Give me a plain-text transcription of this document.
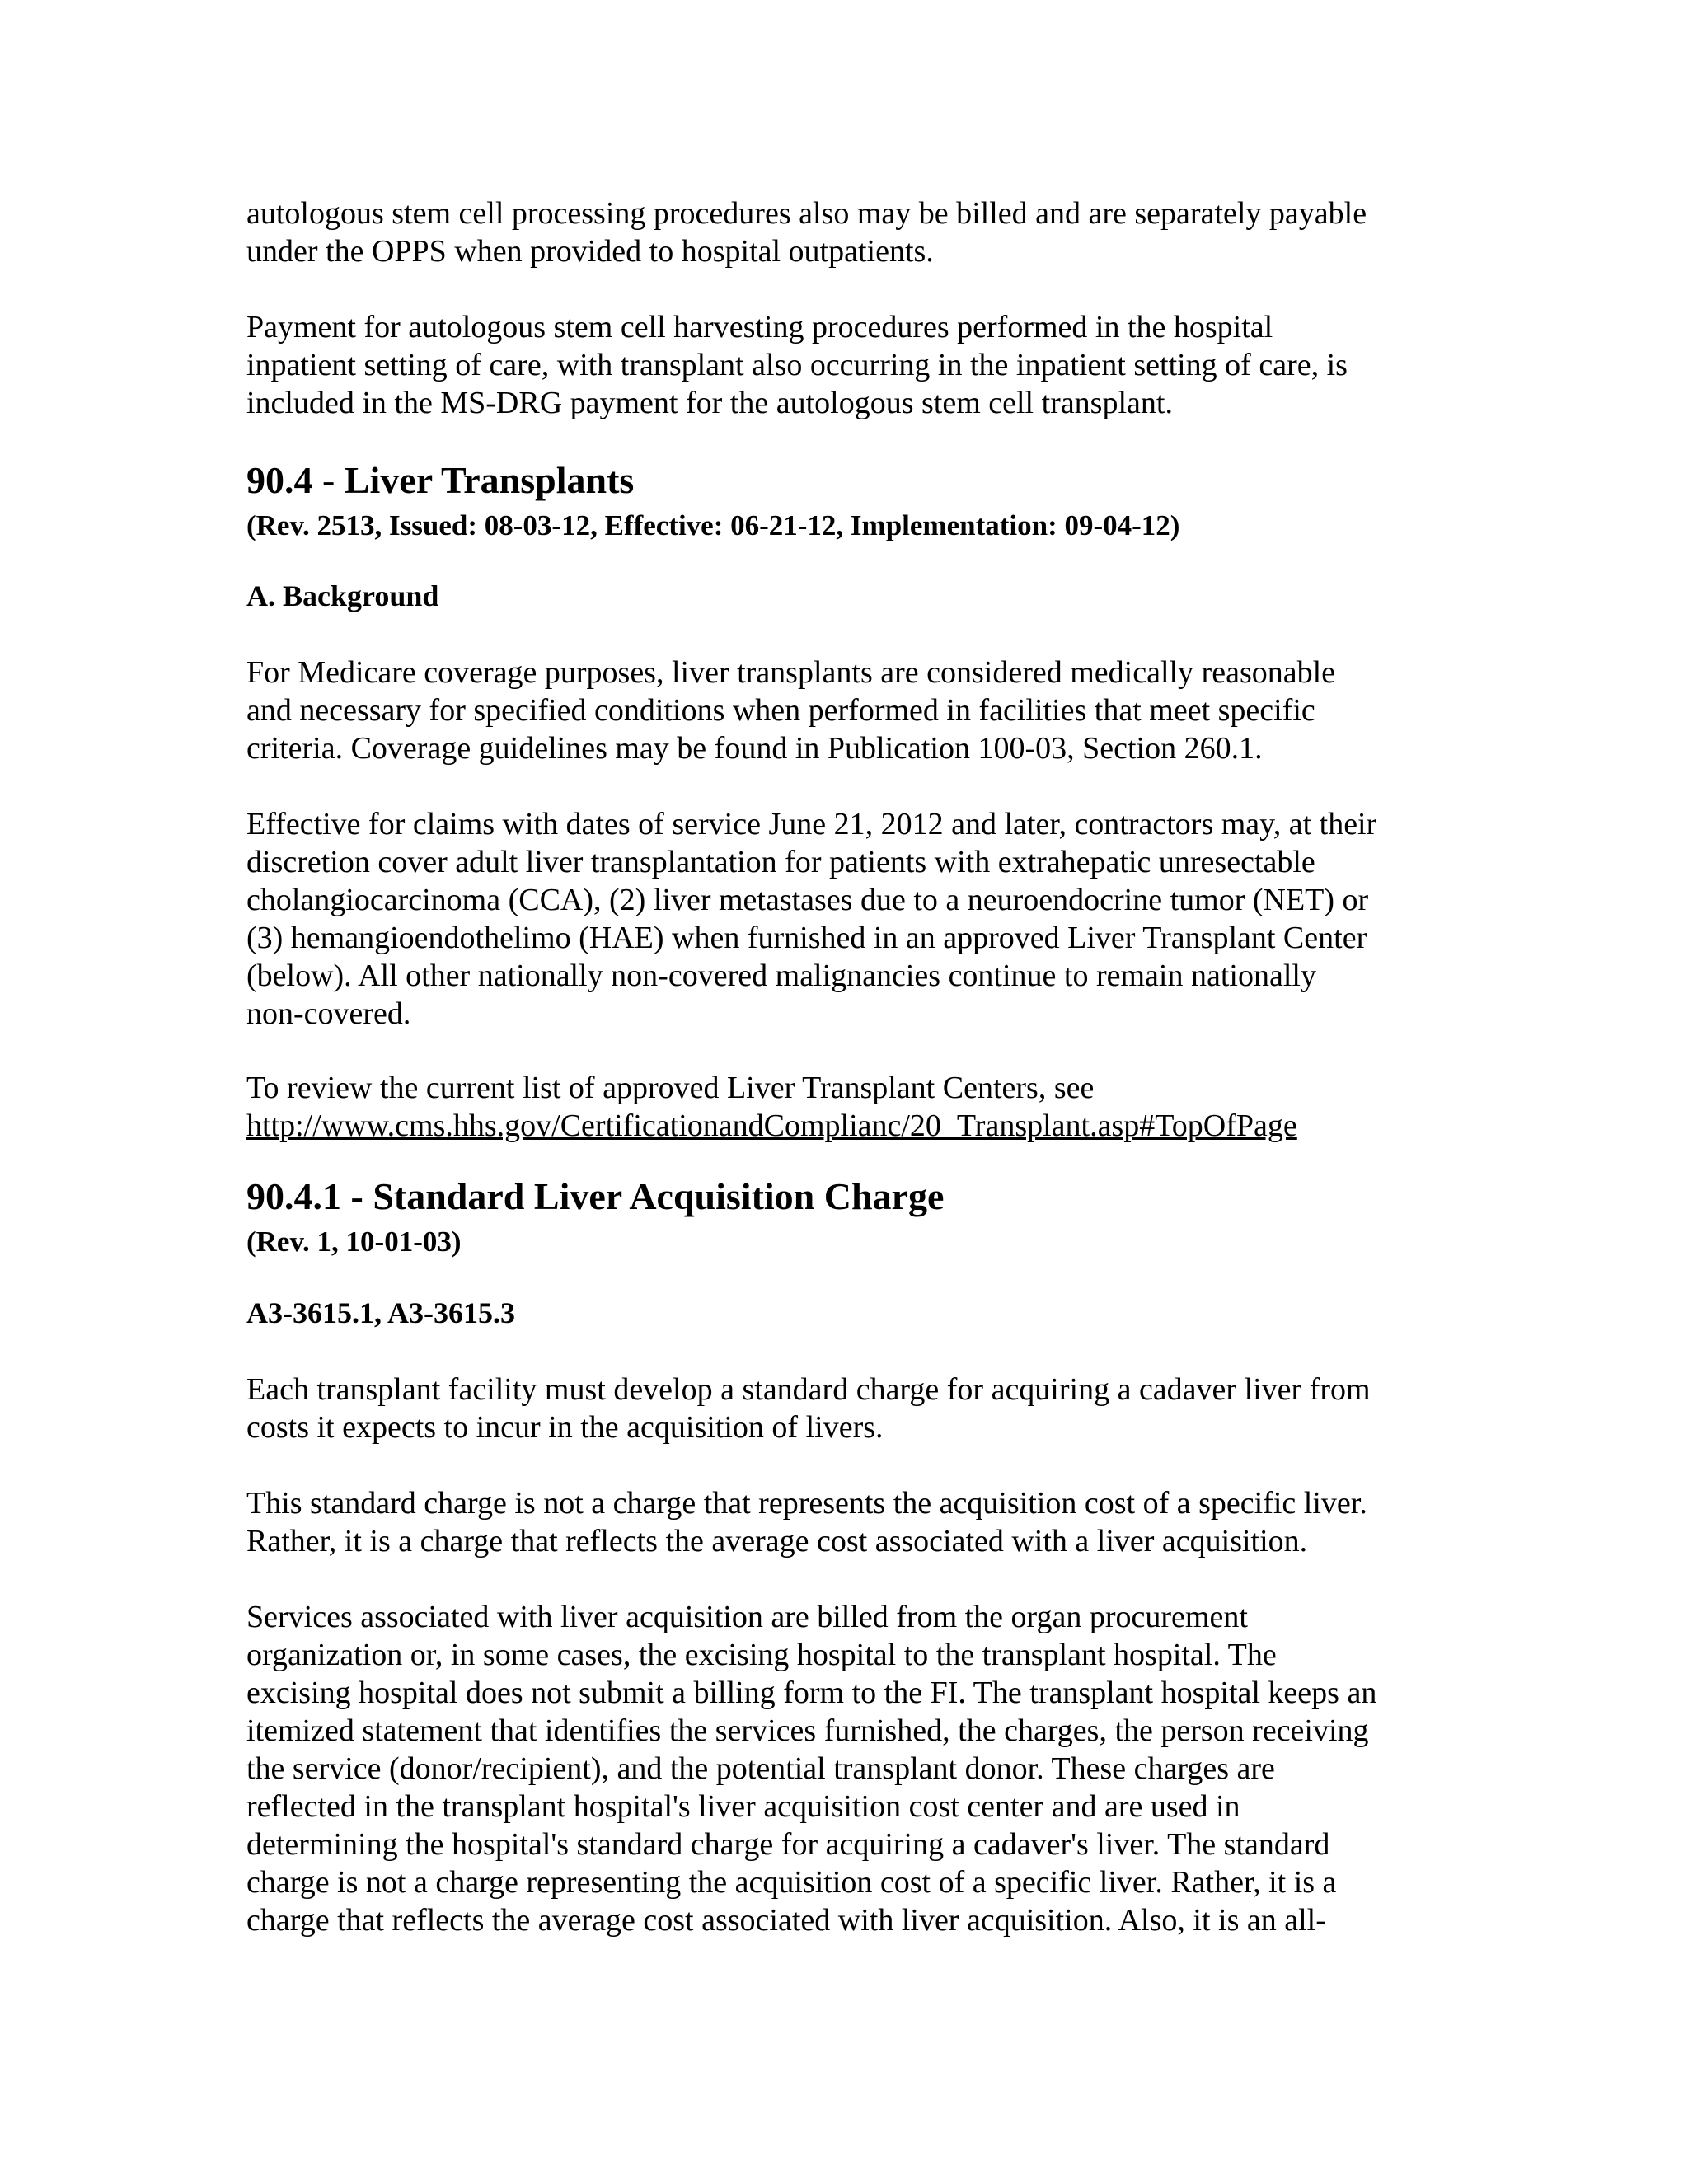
autologous stem cell processing procedures also may be billed and are separately payable
under the OPPS when provided to hospital outpatients.

Payment for autologous stem cell harvesting procedures performed in the hospital
inpatient setting of care, with transplant also occurring in the inpatient setting of care, is
included in the MS-DRG payment for the autologous stem cell transplant.

90.4 - Liver Transplants
(Rev. 2513, Issued: 08-03-12, Effective: 06-21-12, Implementation: 09-04-12)
A. Background

For Medicare coverage purposes, liver transplants are considered medically reasonable
and necessary for specified conditions when performed in facilities that meet specific
criteria. Coverage guidelines may be found in Publication 100-03, Section 260.1.

Effective for claims with dates of service June 21, 2012 and later, contractors may, at their
discretion cover adult liver transplantation for patients with extrahepatic unresectable
cholangiocarcinoma (CCA), (2) liver metastases due to a neuroendocrine tumor (NET) or
(3) hemangioendothelimo (HAE) when furnished in an approved Liver Transplant Center
(below). All other nationally non-covered malignancies continue to remain nationally
non-covered.

To review the current list of approved Liver Transplant Centers, see
http://www.cms.hhs.gov/CertificationandComplianc/20_Transplant.asp#TopOfPage

90.4.1 - Standard Liver Acquisition Charge
(Rev. 1, 10-01-03)
A3-3615.1, A3-3615.3

Each transplant facility must develop a standard charge for acquiring a cadaver liver from
costs it expects to incur in the acquisition of livers.

This standard charge is not a charge that represents the acquisition cost of a specific liver.
Rather, it is a charge that reflects the average cost associated with a liver acquisition.

Services associated with liver acquisition are billed from the organ procurement
organization or, in some cases, the excising hospital to the transplant hospital. The
excising hospital does not submit a billing form to the FI. The transplant hospital keeps an
itemized statement that identifies the services furnished, the charges, the person receiving
the service (donor/recipient), and the potential transplant donor. These charges are
reflected in the transplant hospital's liver acquisition cost center and are used in
determining the hospital's standard charge for acquiring a cadaver's liver. The standard
charge is not a charge representing the acquisition cost of a specific liver. Rather, it is a
charge that reflects the average cost associated with liver acquisition. Also, it is an all-
